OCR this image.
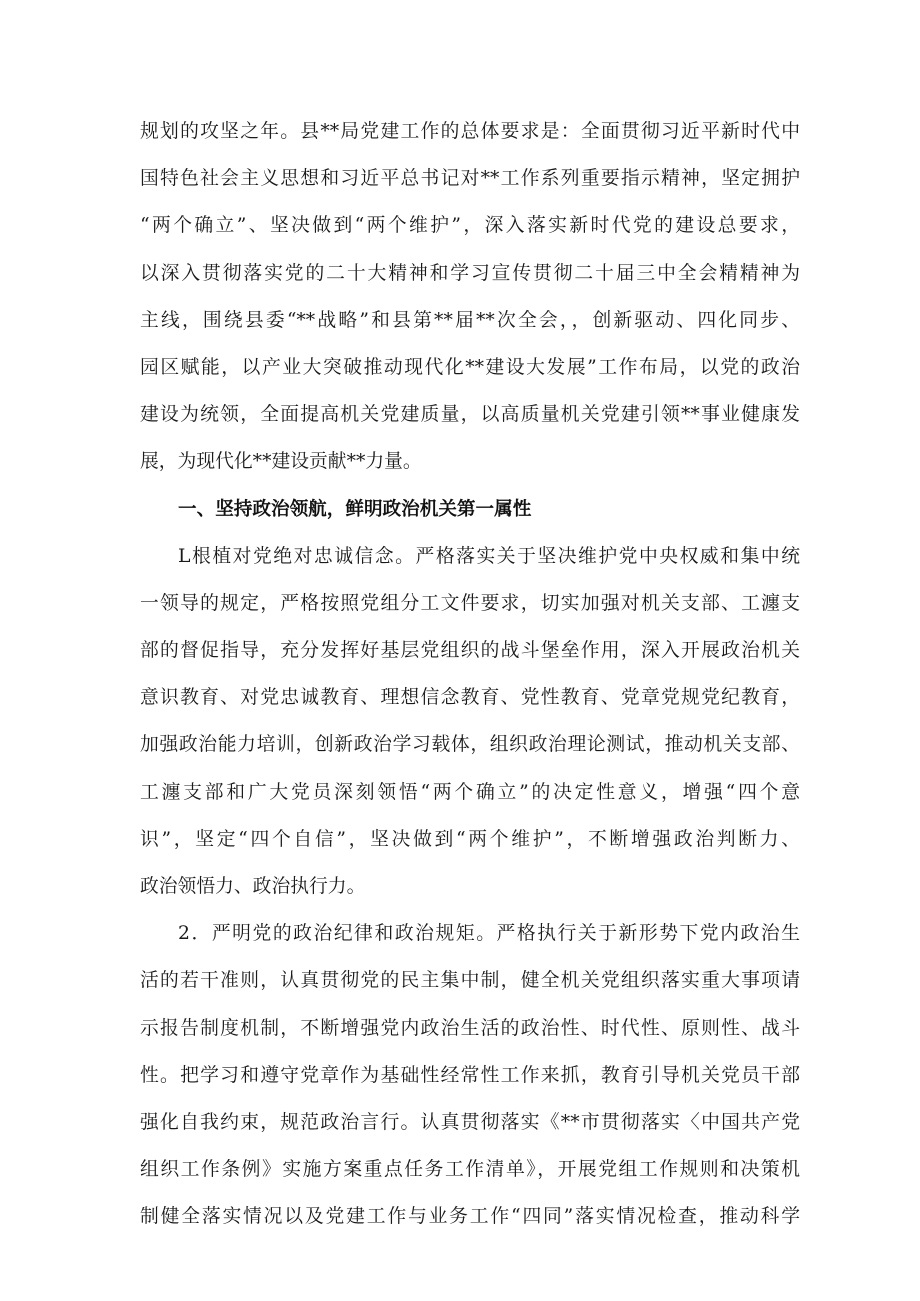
规划的攻坚之年。县**局党建工作的总体要求是：全面贯彻习近平新时代中
国特色社会主义思想和习近平总书记对**工作系列重要指示精神，坚定拥护
“两个确立”、坚决做到“两个维护”，深入落实新时代党的建设总要求，
以深入贯彻落实党的二十大精神和学习宣传贯彻二十届三中全会精精神为
主线，围绕县委“**战略”和县第**届**次全会，，创新驱动、四化同步、
园区赋能，以产业大突破推动现代化**建设大发展”工作布局，以党的政治
建设为统领，全面提高机关党建质量，以高质量机关党建引领**事业健康发
展，为现代化**建设贡献**力量。
一、坚持政治领航，鲜明政治机关第一属性
L根植对党绝对忠诚信念。严格落实关于坚决维护党中央权威和集中统
一领导的规定，严格按照党组分工文件要求，切实加强对机关支部、工瀍支
部的督促指导，充分发挥好基层党组织的战斗堡垒作用，深入开展政治机关
意识教育、对党忠诚教育、理想信念教育、党性教育、党章党规党纪教育，
加强政治能力培训，创新政治学习载体，组织政治理论测试，推动机关支部、
工瀍支部和广大党员深刻领悟“两个确立”的决定性意义，增强“四个意
识”，坚定“四个自信”，坚决做到“两个维护”，不断增强政治判断力、
政治领悟力、政治执行力。
2．严明党的政治纪律和政治规矩。严格执行关于新形势下党内政治生
活的若干准则，认真贯彻党的民主集中制，健全机关党组织落实重大事项请
示报告制度机制，不断增强党内政治生活的政治性、时代性、原则性、战斗
性。把学习和遵守党章作为基础性经常性工作来抓，教育引导机关党员干部
强化自我约束，规范政治言行。认真贯彻落实《**市贯彻落实〈中国共产党
组织工作条例》实施方案重点任务工作清单》，开展党组工作规则和决策机
制健全落实情况以及党建工作与业务工作“四同”落实情况检查，推动科学
